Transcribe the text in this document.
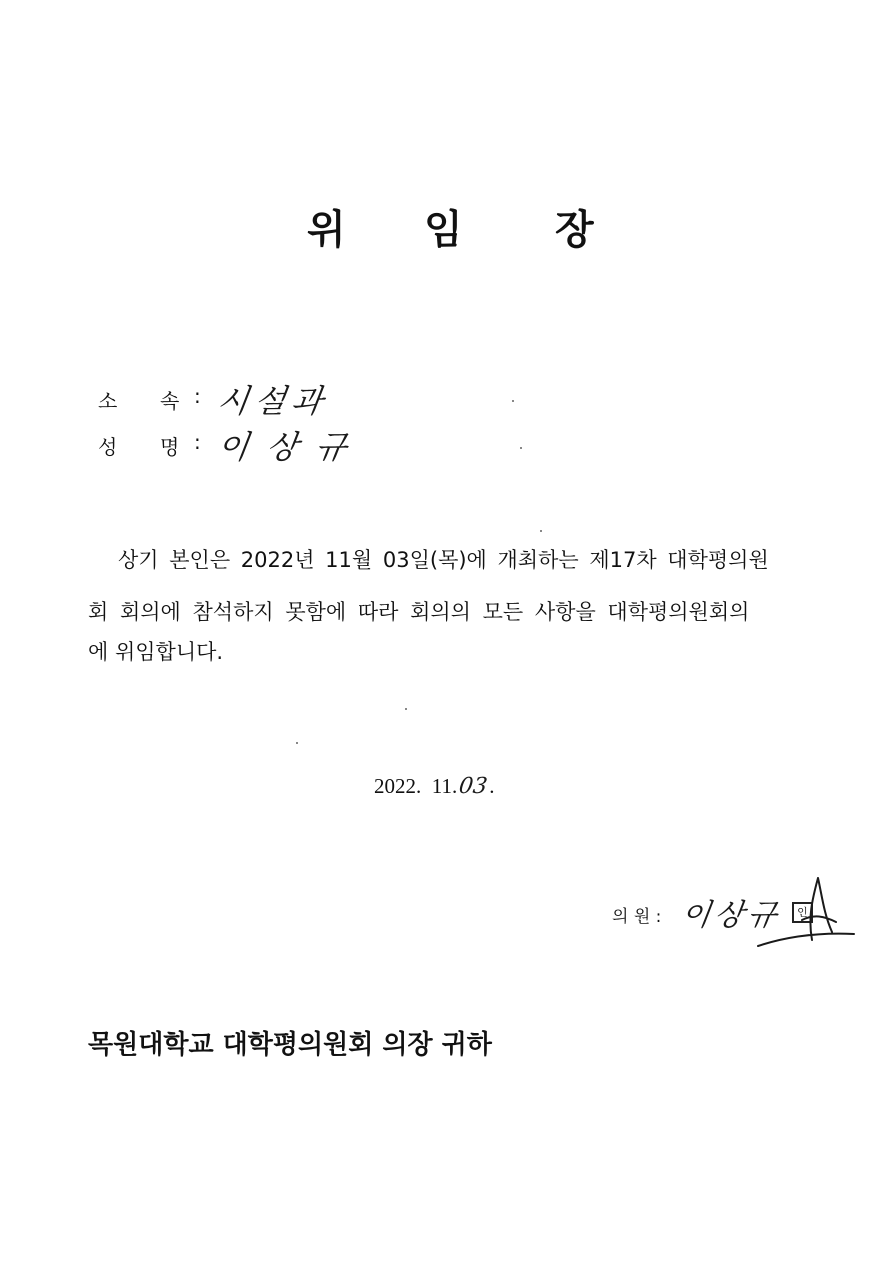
위 임 장
소 속 : 시설과
성 명 : 이상규
상기 본인은 2022년 11월 03일(목)에 개최하는 제17차 대학평의원
회 회의에 참석하지 못함에 따라 회의의 모든 사항을 대학평의원회의
에 위임합니다.
2022.  11.03.
의 원 : 이상규	인
목원대학교 대학평의원회 의장 귀하
